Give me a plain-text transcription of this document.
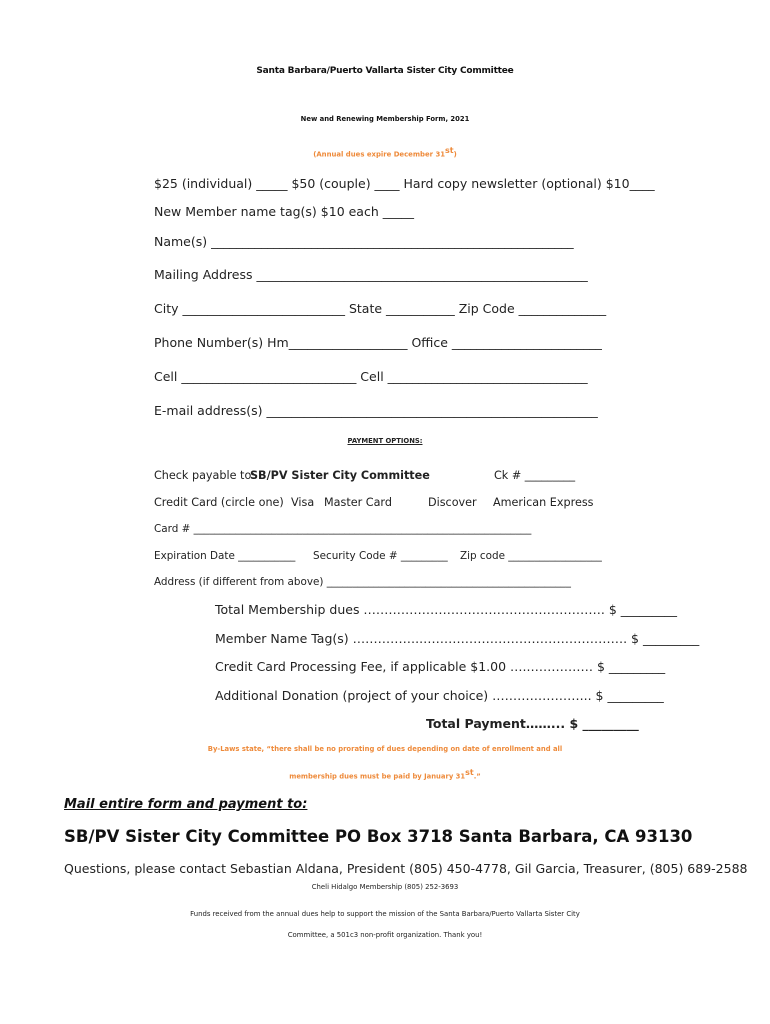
Santa Barbara/Puerto Vallarta Sister City Committee
New and Renewing Membership Form, 2021
(Annual dues expire December 31st)
$25 (individual) _____ $50 (couple) ____ Hard copy newsletter (optional) $10____
New Member name tag(s) $10 each _____
Name(s) __________________________________________________________
Mailing Address _____________________________________________________
City __________________________ State ___________ Zip Code ______________
Phone Number(s) Hm___________________ Office ________________________
Cell ____________________________ Cell ________________________________
E-mail address(s) _____________________________________________________
PAYMENT OPTIONS:
Check payable to:
SB/PV Sister City Committee	Ck # _________
Credit Card (circle one) Visa Master Card	Discover American Express
Card # _________________________________________________________________
Expiration Date ___________ Security Code # _________ Zip code __________________
Address (if different from above) _______________________________________________
Total Membership dues …………………………………………………. $ _________
Member Name Tag(s) ……………..…………………………………………. $ _________
Credit Card Processing Fee, if applicable $1.00 …..…………… $ _________
Additional Donation (project of your choice) …………………... $ _________
Total Payment……... $ _________
By-Laws state, “there shall be no prorating of dues depending on date of enrollment and all
membership dues must be paid by January 31st.”
Mail entire form and payment to:
SB/PV Sister City Committee PO Box 3718 Santa Barbara, CA 93130
Questions, please contact Sebastian Aldana, President (805) 450-4778, Gil Garcia, Treasurer, (805) 689-2588
Cheli Hidalgo Membership (805) 252-3693
Funds received from the annual dues help to support the mission of the Santa Barbara/Puerto Vallarta Sister City
Committee, a 501c3 non-profit organization. Thank you!
